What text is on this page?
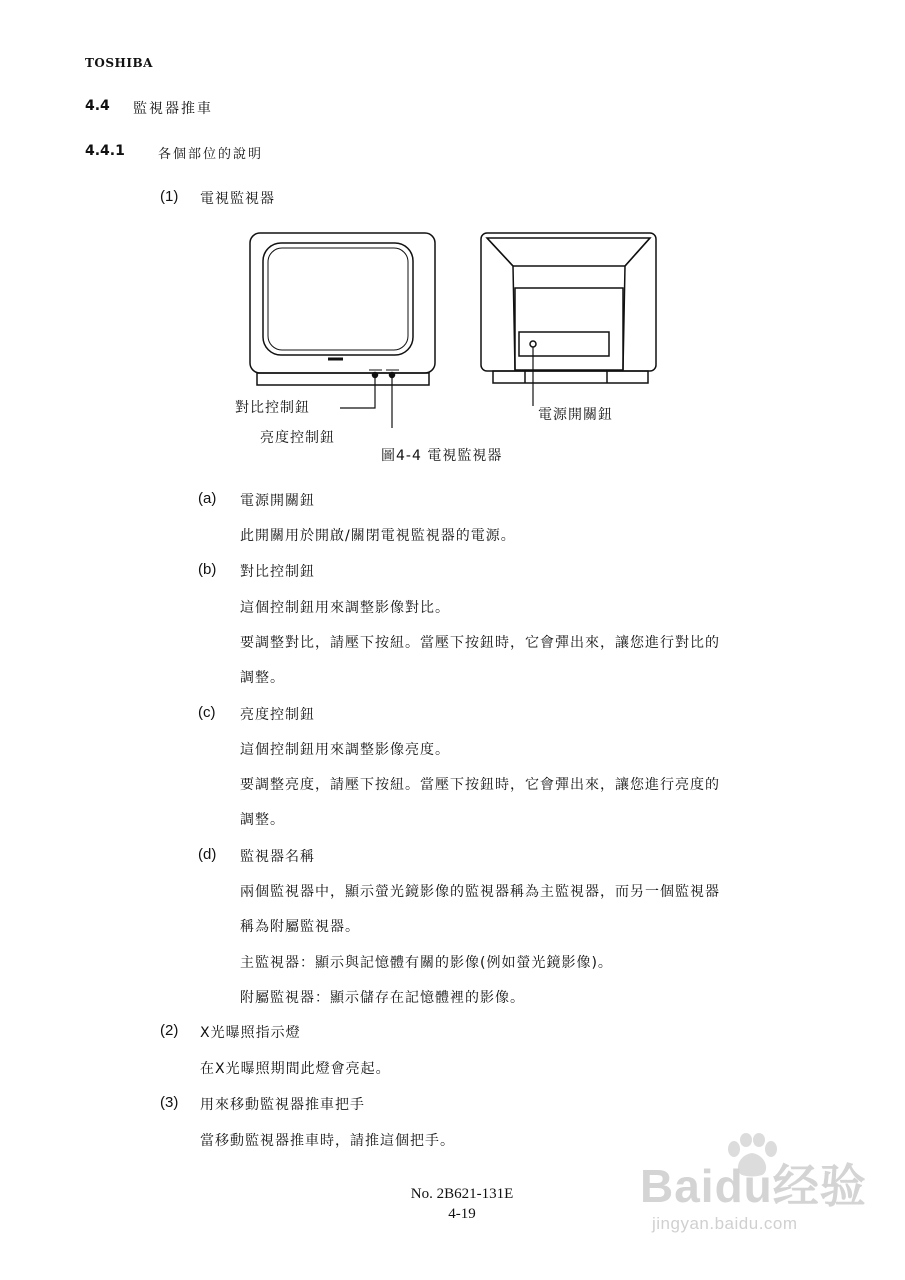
TOSHIBA
4.4 監視器推車
4.4.1	各個部位的說明
(1) 電視監視器
對比控制鈕
亮度控制鈕
電源開關鈕
圖4-4 電視監視器
(a) 電源開關鈕
此開關用於開啟/關閉電視監視器的電源。
(b) 對比控制鈕
這個控制鈕用來調整影像對比。
要調整對比，請壓下按紐。當壓下按鈕時，它會彈出來，讓您進行對比的
調整。
(c) 亮度控制鈕
這個控制鈕用來調整影像亮度。
要調整亮度，請壓下按紐。當壓下按鈕時，它會彈出來，讓您進行亮度的
調整。
(d) 監視器名稱
兩個監視器中，顯示螢光鏡影像的監視器稱為主監視器，而另一個監視器
稱為附屬監視器。
主監視器：顯示與記憶體有關的影像(例如螢光鏡影像)。
附屬監視器：顯示儲存在記憶體裡的影像。
(2) X光曝照指示燈
在X光曝照期間此燈會亮起。
(3) 用來移動監視器推車把手
當移動監視器推車時，請推這個把手。
No. 2B621-131E
4-19
Baidu经验
jingyan.baidu.com
